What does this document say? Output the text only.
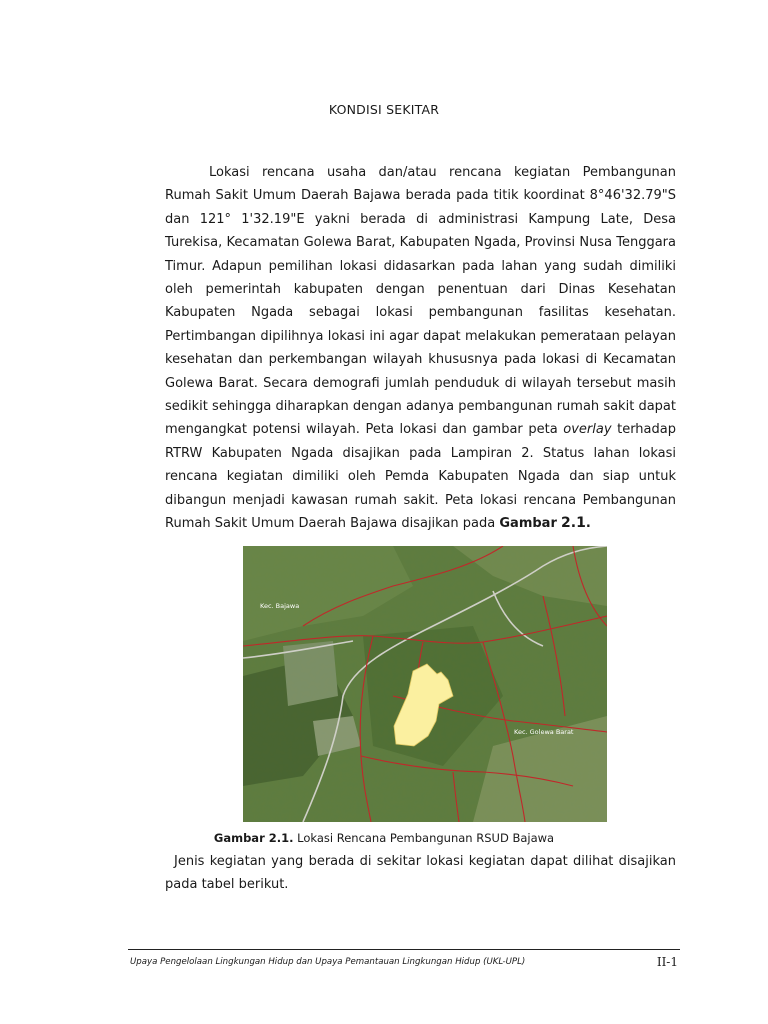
KONDISI SEKITAR

Lokasi rencana usaha dan/atau rencana kegiatan Pembangunan Rumah Sakit Umum Daerah Bajawa berada pada titik koordinat 8°46'32.79"S dan 121° 1'32.19"E yakni berada di administrasi Kampung Late, Desa Turekisa, Kecamatan Golewa Barat, Kabupaten Ngada, Provinsi Nusa Tenggara Timur. Adapun pemilihan lokasi didasarkan pada lahan yang sudah dimiliki oleh pemerintah kabupaten dengan penentuan dari Dinas Kesehatan Kabupaten Ngada sebagai lokasi pembangunan fasilitas kesehatan. Pertimbangan dipilihnya lokasi ini agar dapat melakukan pemerataan pelayan kesehatan dan perkembangan wilayah khususnya pada lokasi di Kecamatan Golewa Barat. Secara demografi jumlah penduduk di wilayah tersebut masih sedikit sehingga diharapkan dengan adanya pembangunan rumah sakit dapat mengangkat potensi wilayah. Peta lokasi dan gambar peta overlay terhadap RTRW Kabupaten Ngada disajikan pada Lampiran 2. Status lahan lokasi rencana kegiatan dimiliki oleh Pemda Kabupaten Ngada dan siap untuk dibangun menjadi kawasan rumah sakit. Peta lokasi rencana Pembangunan Rumah Sakit Umum Daerah Bajawa disajikan pada Gambar 2.1.

Kec. Bajawa
Kec. Golewa Barat
Gambar 2.1. Lokasi Rencana Pembangunan RSUD Bajawa

Jenis kegiatan yang berada di sekitar lokasi kegiatan dapat dilihat disajikan pada tabel berikut.

Upaya Pengelolaan Lingkungan Hidup dan Upaya Pemantauan Lingkungan Hidup (UKL-UPL)	II-1
